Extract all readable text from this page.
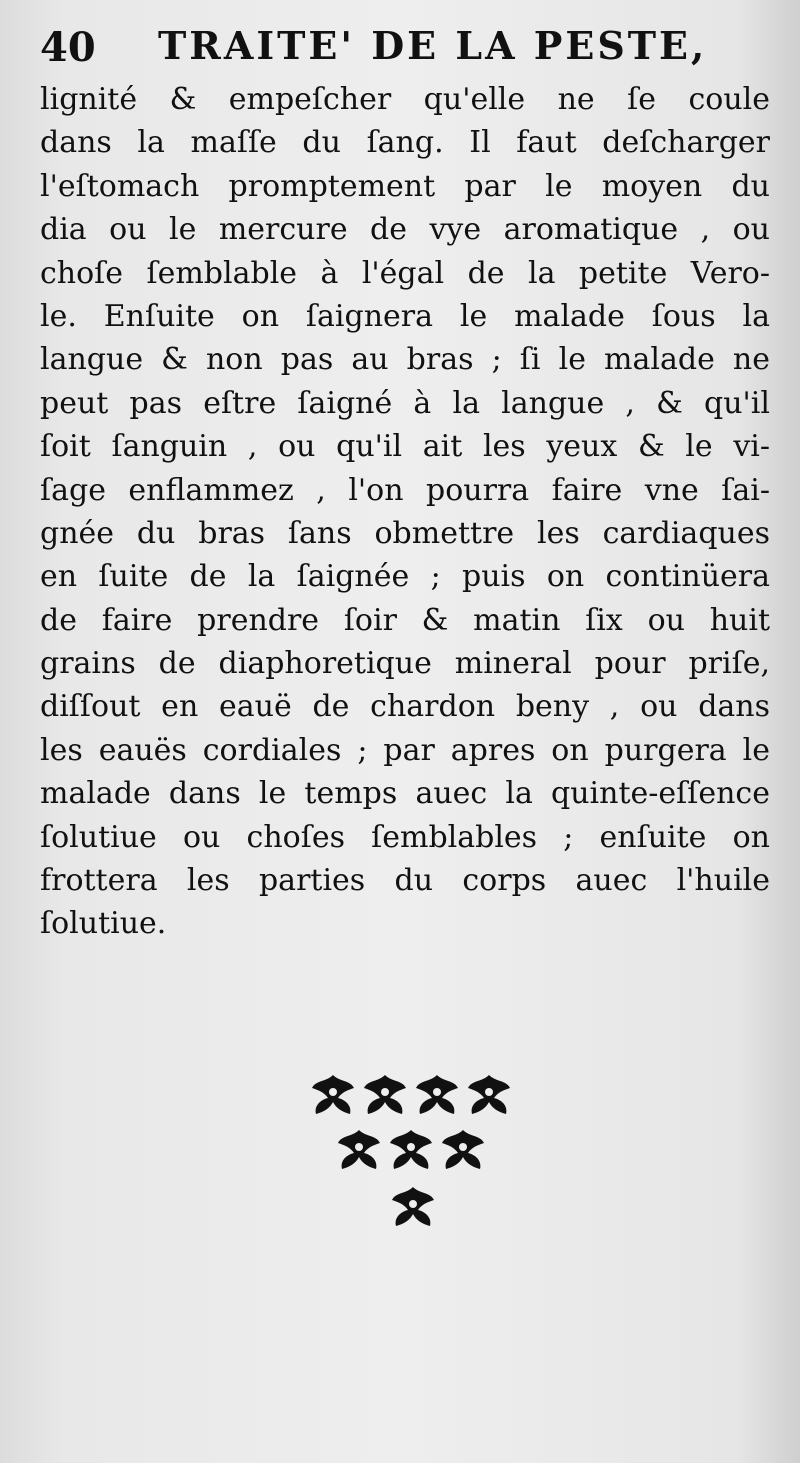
40 TRAITE' DE LA PESTE,
lignité & empeſcher qu'elle ne ſe coule
dans la maſſe du ſang. Il faut deſcharger
l'eſtomach promptement par le moyen du
dia ou le mercure de vye aromatique , ou
choſe ſemblable à l'égal de la petite Vero-
le. Enſuite on ſaignera le malade ſous la
langue & non pas au bras ; ſi le malade ne
peut pas eſtre ſaigné à la langue , & qu'il
ſoit ſanguin , ou qu'il ait les yeux & le vi-
ſage enflammez , l'on pourra faire vne ſai-
gnée du bras ſans obmettre les cardiaques
en ſuite de la ſaignée ; puis on continüera
de faire prendre ſoir & matin ſix ou huit
grains de diaphoretique mineral pour priſe,
diſſout en eauë de chardon beny , ou dans
les eauës cordiales ; par apres on purgera le
malade dans le temps auec la quinte-eſſence
ſolutiue ou choſes ſemblables ; enſuite on
frottera les parties du corps auec l'huile
ſolutiue.
